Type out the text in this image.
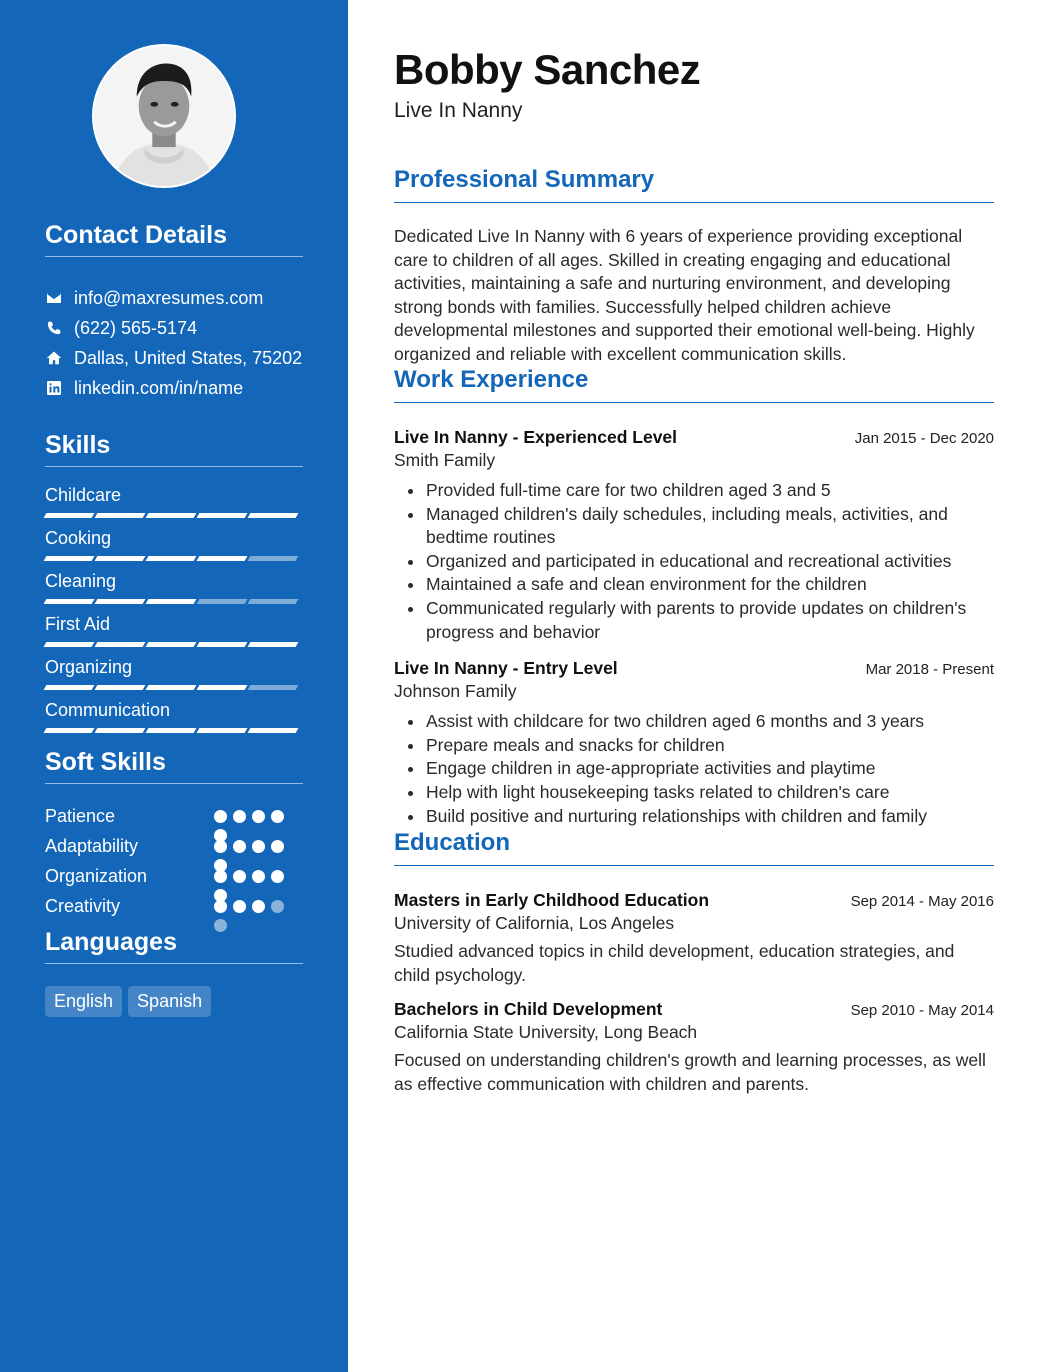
Contact Details
info@maxresumes.com
(622) 565-5174
Dallas, United States, 75202
linkedin.com/in/name
Skills
Childcare
Cooking
Cleaning
First Aid
Organizing
Communication
Soft Skills
Patience
Adaptability
Organization
Creativity
Languages
English	Spanish
Bobby Sanchez
Live In Nanny
Professional Summary
Dedicated Live In Nanny with 6 years of experience providing exceptional care to children of all ages. Skilled in creating engaging and educational activities, maintaining a safe and nurturing environment, and developing strong bonds with families. Successfully helped children achieve developmental milestones and supported their emotional well-being. Highly organized and reliable with excellent communication skills.
Work Experience
Live In Nanny - Experienced Level	Jan 2015 - Dec 2020
Smith Family
Provided full-time care for two children aged 3 and 5
Managed children's daily schedules, including meals, activities, and bedtime routines
Organized and participated in educational and recreational activities
Maintained a safe and clean environment for the children
Communicated regularly with parents to provide updates on children's progress and behavior
Live In Nanny - Entry Level	Mar 2018 - Present
Johnson Family
Assist with childcare for two children aged 6 months and 3 years
Prepare meals and snacks for children
Engage children in age-appropriate activities and playtime
Help with light housekeeping tasks related to children's care
Build positive and nurturing relationships with children and family
Education
Masters in Early Childhood Education	Sep 2014 - May 2016
University of California, Los Angeles
Studied advanced topics in child development, education strategies, and child psychology.
Bachelors in Child Development	Sep 2010 - May 2014
California State University, Long Beach
Focused on understanding children's growth and learning processes, as well as effective communication with children and parents.
